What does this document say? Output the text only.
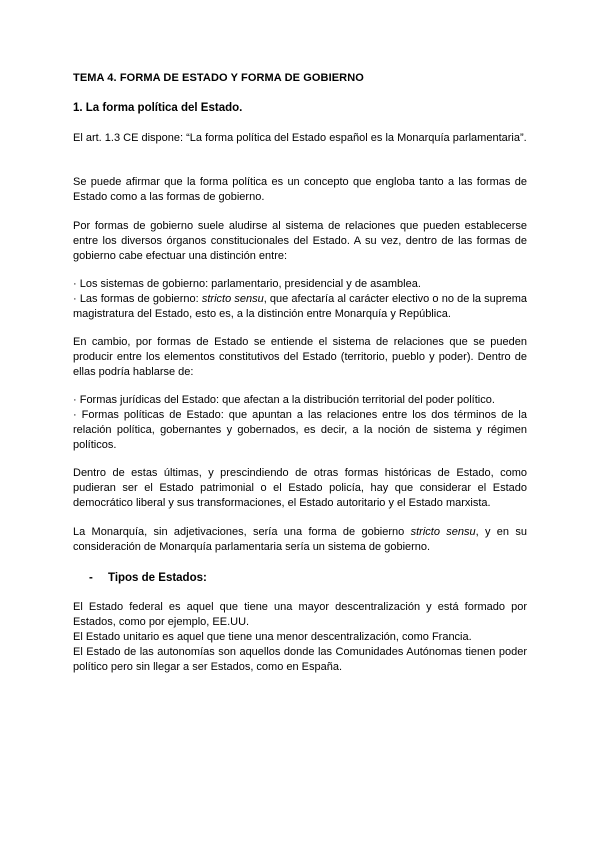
TEMA 4. FORMA DE ESTADO Y FORMA DE GOBIERNO
1. La forma política del Estado.

El art. 1.3 CE dispone: “La forma política del Estado español es la Monarquía parlamentaria”.

Se puede afirmar que la forma política es un concepto que engloba tanto a las formas de Estado como a las formas de gobierno.

Por formas de gobierno suele aludirse al sistema de relaciones que pueden establecerse entre los diversos órganos constitucionales del Estado. A su vez, dentro de las formas de gobierno cabe efectuar una distinción entre:

· Los sistemas de gobierno: parlamentario, presidencial y de asamblea.
· Las formas de gobierno: stricto sensu, que afectaría al carácter electivo o no de la suprema magistratura del Estado, esto es, a la distinción entre Monarquía y República.

En cambio, por formas de Estado se entiende el sistema de relaciones que se pueden producir entre los elementos constitutivos del Estado (territorio, pueblo y poder). Dentro de ellas podría hablarse de:

· Formas jurídicas del Estado: que afectan a la distribución territorial del poder político.
· Formas políticas de Estado: que apuntan a las relaciones entre los dos términos de la relación política, gobernantes y gobernados, es decir, a la noción de sistema y régimen políticos.

Dentro de estas últimas, y prescindiendo de otras formas históricas de Estado, como pudieran ser el Estado patrimonial o el Estado policía, hay que considerar el Estado democrático liberal y sus transformaciones, el Estado autoritario y el Estado marxista.

La Monarquía, sin adjetivaciones, sería una forma de gobierno stricto sensu, y en su consideración de Monarquía parlamentaria sería un sistema de gobierno.

- Tipos de Estados:
El Estado federal es aquel que tiene una mayor descentralización y está formado por Estados, como por ejemplo, EE.UU.
El Estado unitario es aquel que tiene una menor descentralización, como Francia.
El Estado de las autonomías son aquellos donde las Comunidades Autónomas tienen poder político pero sin llegar a ser Estados, como en España.
